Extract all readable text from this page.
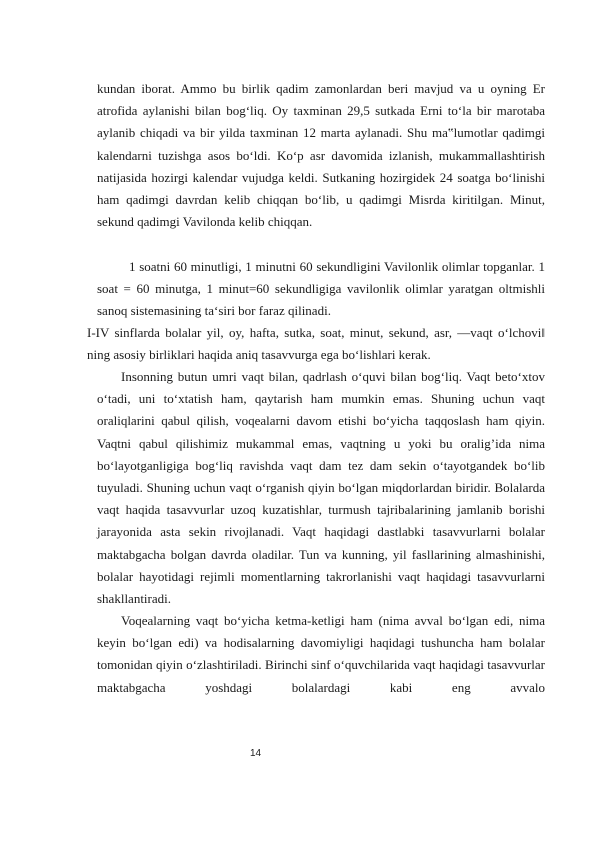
kundan iborat. Ammo bu birlik qadim zamonlardan beri mavjud va u oyning Er atrofida aylanishi bilan bog‘liq. Oy taxminan 29,5 sutkada Erni to‘la bir marotaba aylanib chiqadi va bir yilda taxminan 12 marta aylanadi. Shu ma‟lumotlar qadimgi kalendarni tuzishga asos bo‘ldi. Ko‘p asr davomida izlanish, mukammallashtirish natijasida hozirgi kalendar vujudga keldi. Sutkaning hozirgidek 24 soatga bo‘linishi ham qadimgi davrdan kelib chiqqan bo‘lib, u qadimgi Misrda kiritilgan. Minut, sekund qadimgi Vavilonda kelib chiqqan.

1 soatni 60 minutligi, 1 minutni 60 sekundligini Vavilonlik olimlar topganlar. 1 soat = 60 minutga, 1 minut=60 sekundligiga vavilonlik olimlar yaratgan oltmishli sanoq sistemasining ta‘siri bor faraz qilinadi.

I-IV sinflarda bolalar yil, oy, hafta, sutka, soat, minut, sekund, asr, ―vaqt o‘lchovi‖ ning asosiy birliklari haqida aniq tasavvurga ega bo‘lishlari kerak.

Insonning butun umri vaqt bilan, qadrlash o‘quvi bilan bog‘liq. Vaqt beto‘xtov o‘tadi, uni to‘xtatish ham, qaytarish ham mumkin emas. Shuning uchun vaqt oraliqlarini qabul qilish, voqealarni davom etishi bo‘yicha taqqoslash ham qiyin. Vaqtni qabul qilishimiz mukammal emas, vaqtning u yoki bu oralig’ida nima bo‘layotganligiga bog‘liq ravishda vaqt dam tez dam sekin o‘tayotgandek bo‘lib tuyuladi. Shuning uchun vaqt o‘rganish qiyin bo‘lgan miqdorlardan biridir. Bolalarda vaqt haqida tasavvurlar uzoq kuzatishlar, turmush tajribalarining jamlanib borishi jarayonida asta sekin rivojlanadi. Vaqt haqidagi dastlabki tasavvurlarni bolalar maktabgacha bolgan davrda oladilar. Tun va kunning, yil fasllarining almashinishi, bolalar hayotidagi rejimli momentlarning takrorlanishi vaqt haqidagi tasavvurlarni shakllantiradi.

Voqealarning vaqt bo‘yicha ketma-ketligi ham (nima avval bo‘lgan edi, nima keyin bo‘lgan edi) va hodisalarning davomiyligi haqidagi tushuncha ham bolalar tomonidan qiyin o‘zlashtiriladi. Birinchi sinf o‘quvchilarida vaqt haqidagi tasavvurlar maktabgacha yoshdagi bolalardagi kabi eng avvalo

14
